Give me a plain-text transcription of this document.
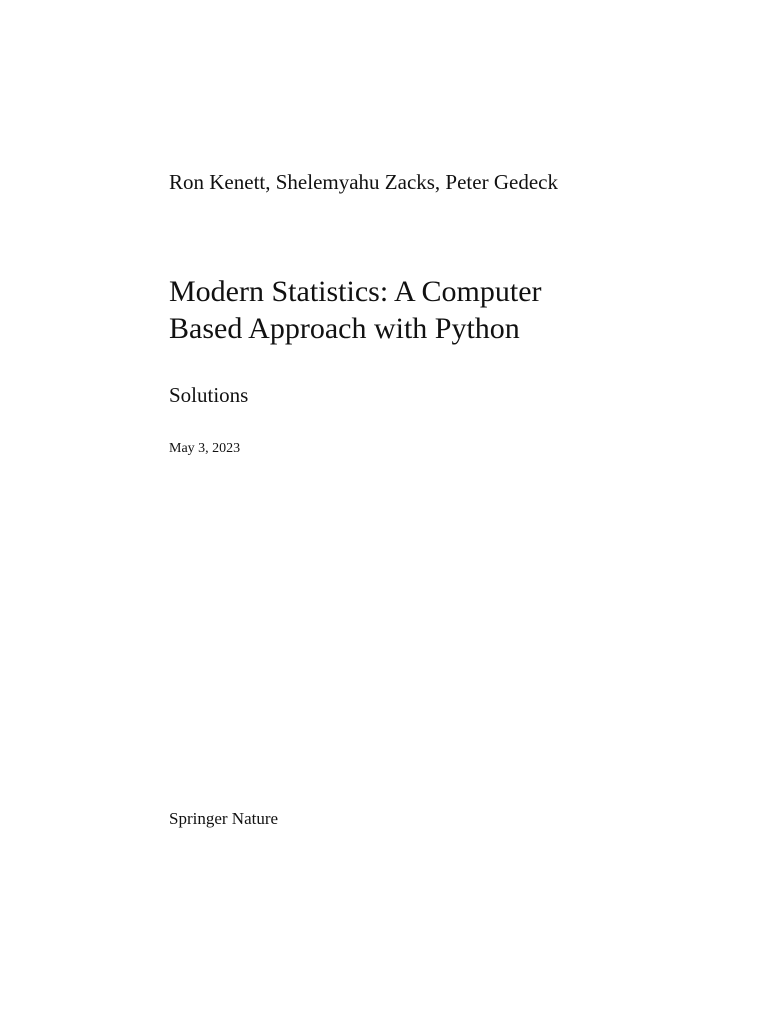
Ron Kenett, Shelemyahu Zacks, Peter Gedeck
Modern Statistics: A Computer
Based Approach with Python
Solutions
May 3, 2023
Springer Nature
